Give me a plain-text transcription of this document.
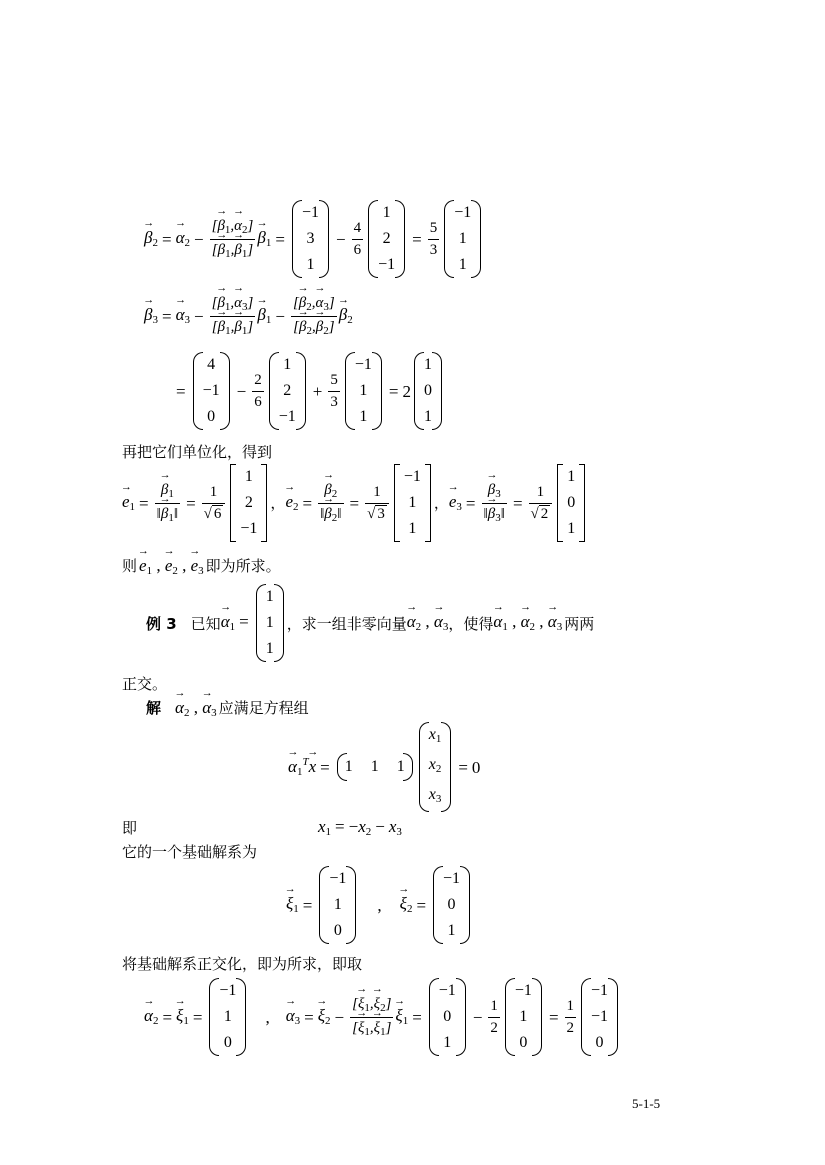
→ $\beta_2$ =
→ $\alpha_2 - \frac{[\to \beta_1,\to \alpha_2]}{[\to \beta_1,\to \beta_1]}$
→ $\beta_1$ =
−1
3
1
− $\frac{4}{6}$
1
2
−1
= $\frac{5}{3}$
−1
1
1
→ $\beta_3$ =
→ $\alpha_3 - \frac{[\to \beta_1,\to \alpha_3]}{[\to \beta_1,\to \beta_1]}$
→ $\beta_1 - \frac{[\to \beta_2,\to \alpha_3]}{[\to \beta_2,\to \beta_2]}$
→ $\beta_2$
=
4
−1
0
− $\frac{2}{6}$
1
2
−1
+ $\frac{5}{3}$
−1
1
1
= 2
1
0
1
再把它们单位化，得到
→ $e_1$ =
→ $\frac{\beta_1}{‖\to \beta_1‖} = \frac{1}{√ 6}$
1
2
−1
，
→ $e_2$ =
→ $\frac{\beta_2}{‖\to \beta_2‖} = \frac{1}{√ 3}$
−1
1
1
，
→ $e_3$ =
→ $\frac{\beta_3}{‖\to \beta_3‖} = \frac{1}{√ 2}$
1
0
1
则
→ $e_1$ , → $e_2$ , → $e_3$ 即为所求。
例 3 已知
→ $\alpha_1$ =
1
1
1
，求一组非零向量
→ $\alpha_2$ , → $\alpha_3$ ，使得
→ $\alpha_1$ , → $\alpha_2$ , → $\alpha_3$ 两两
正交。
解
→ $\alpha_2$ , → $\alpha_3$ 应满足方程组
→ $\alpha_1^T\to x = 1$ 1 1
$x_1$
$x_2$
$x_3$
= 0
即	$x_1 = -x_2 - x_3$
它的一个基础解系为
→ $\xi_1$ =
−1
1
0
,
→ $\xi_2$ =
−1
0
1
将基础解系正交化，即为所求，即取
→ $\alpha_2$ =
→ $\xi_1$ =
−1
1
0
,
→ $\alpha_3$ =
→ $\xi_2 - \frac{[\to \xi_1,\to \xi_2]}{[\to \xi_1,\to \xi_1]}$
→ $\xi_1$ =
−1
0
1
− $\frac{1}{2}$
−1
1
0
= $\frac{1}{2}$
−1
−1
0
5-1-5
